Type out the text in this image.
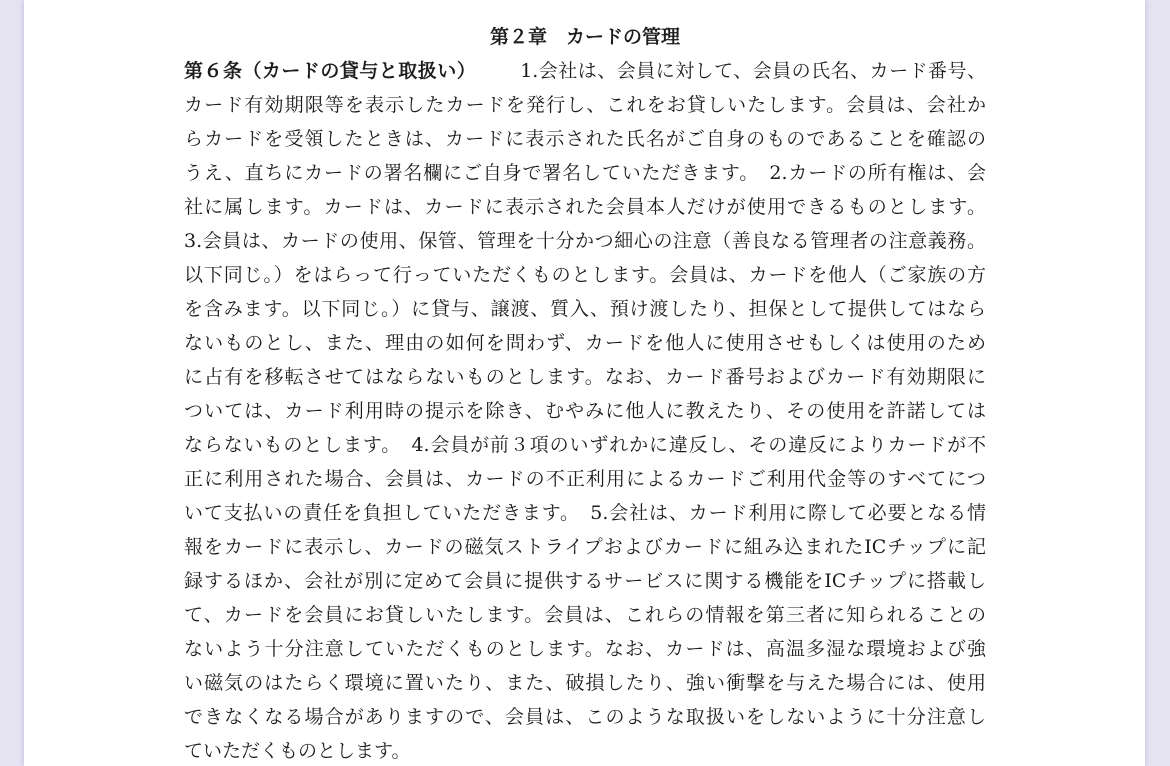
第２章　カードの管理

第６条（カードの貸与と取扱い） 1.会社は、会員に対して、会員の氏名、カード番号、

カード有効期限等を表示したカードを発行し、これをお貸しいたします。会員は、会社か

らカードを受領したときは、カードに表示された氏名がご自身のものであることを確認の

うえ、直ちにカードの署名欄にご自身で署名していただきます。　2.カードの所有権は、会

社に属します。カードは、カードに表示された会員本人だけが使用できるものとします。

3.会員は、カードの使用、保管、管理を十分かつ細心の注意（善良なる管理者の注意義務。

以下同じ。）をはらって行っていただくものとします。会員は、カードを他人（ご家族の方

を含みます。以下同じ。）に貸与、譲渡、質入、預け渡したり、担保として提供してはなら

ないものとし、また、理由の如何を問わず、カードを他人に使用させもしくは使用のため

に占有を移転させてはならないものとします。なお、カード番号およびカード有効期限に

ついては、カード利用時の提示を除き、むやみに他人に教えたり、その使用を許諾しては

ならないものとします。　4.会員が前３項のいずれかに違反し、その違反によりカードが不

正に利用された場合、会員は、カードの不正利用によるカードご利用代金等のすべてにつ

いて支払いの責任を負担していただきます。　5.会社は、カード利用に際して必要となる情

報をカードに表示し、カードの磁気ストライプおよびカードに組み込まれたICチップに記

録するほか、会社が別に定めて会員に提供するサービスに関する機能をICチップに搭載し

て、カードを会員にお貸しいたします。会員は、これらの情報を第三者に知られることの

ないよう十分注意していただくものとします。なお、カードは、高温多湿な環境および強

い磁気のはたらく環境に置いたり、また、破損したり、強い衝撃を与えた場合には、使用

できなくなる場合がありますので、会員は、このような取扱いをしないように十分注意し

ていただくものとします。
